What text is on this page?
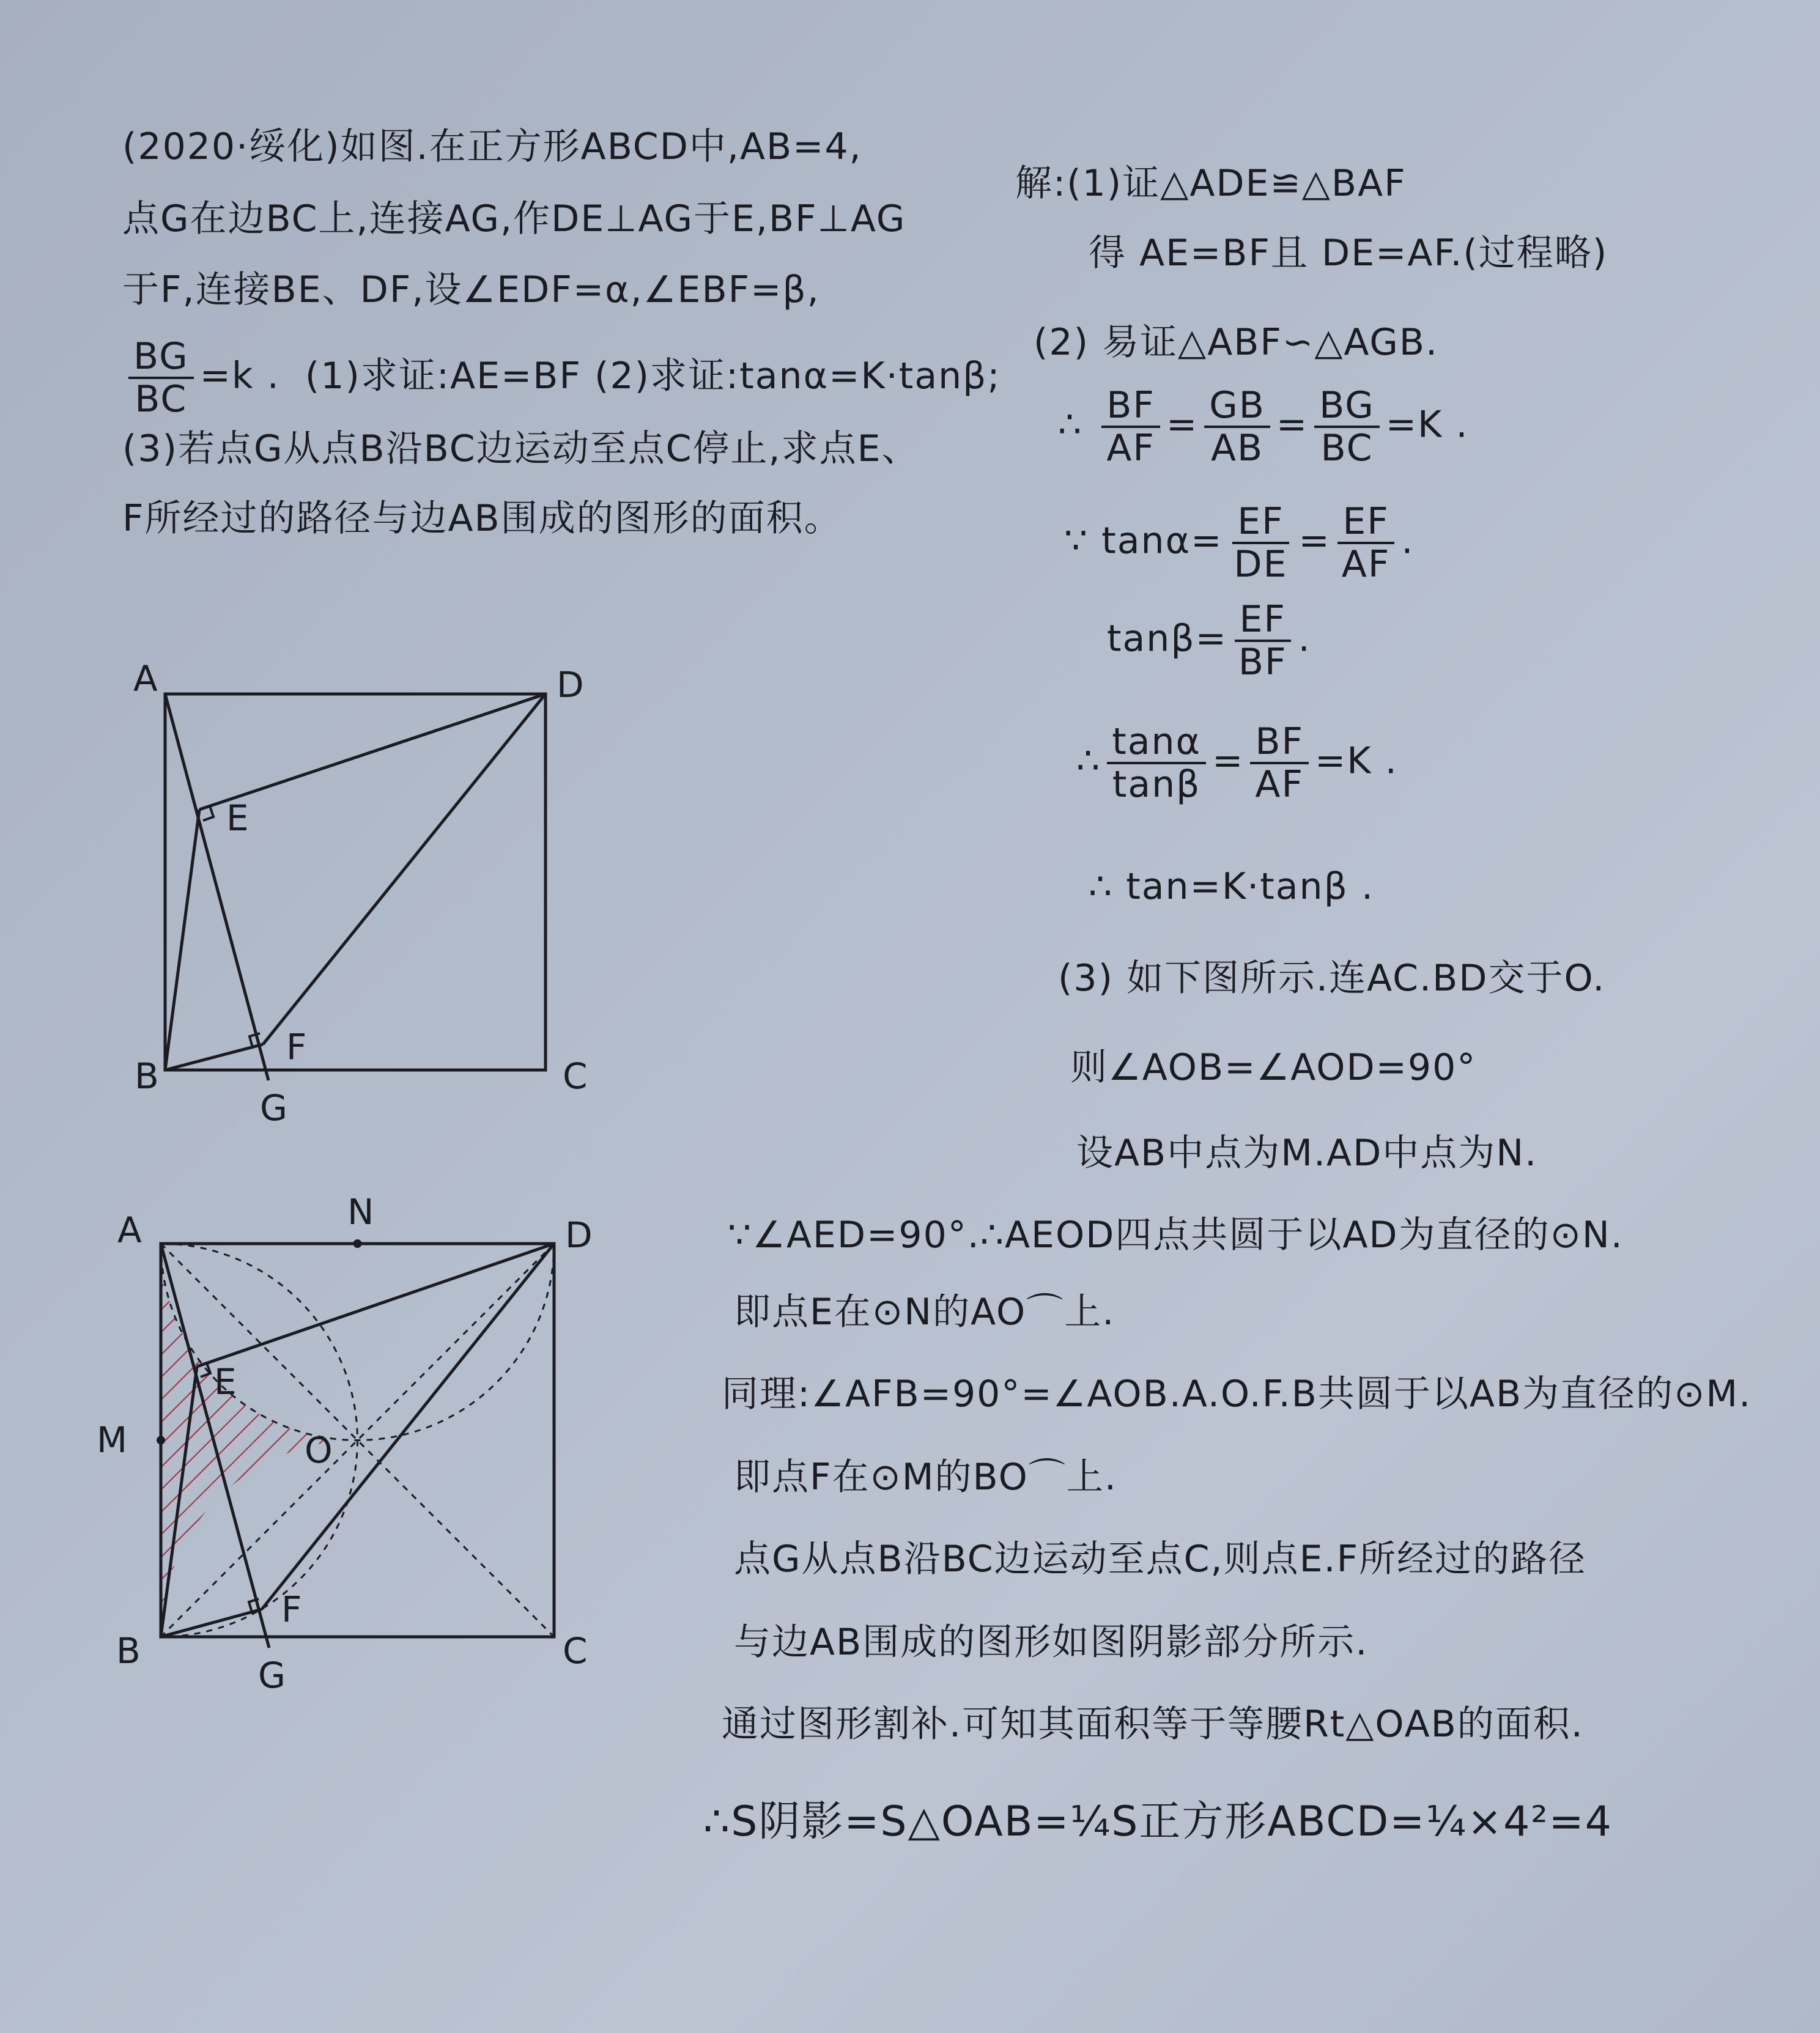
(2020·绥化)如图.在正方形ABCD中,AB=4,
点G在边BC上,连接AG,作DE⊥AG于E,BF⊥AG
于F,连接BE、DF,设∠EDF=α,∠EBF=β,
$\frac{BG}{BC} =k$ . (1)求证:AE=BF (2)求证:tanα=K·tanβ;
(3)若点G从点B沿BC边运动至点C停止,求点E、
F所经过的路径与边AB围成的图形的面积。
解:(1)证△ADE≌△BAF
得 AE=BF且 DE=AF.(过程略)
(2) 易证△ABF∽△AGB.
∴ $\frac{BF}{AF} = \frac{GB}{AB} = \frac{BG}{BC} =K$ .
∵ $\tan\alpha= \frac{EF}{DE} = \frac{EF}{AF}$ .
$\tan\beta= \frac{EF}{BF}$ .
∴ $\frac{\tan\alpha}{\tan\beta} = \frac{BF}{AF} =K$ .
∴ tan=K·tanβ .
(3) 如下图所示.连AC.BD交于O.
则∠AOB=∠AOD=90°
设AB中点为M.AD中点为N.
∵∠AED=90°.∴AEOD四点共圆于以AD为直径的⊙N.
即点E在⊙N的AO⌒上.
同理:∠AFB=90°=∠AOB.A.O.F.B共圆于以AB为直径的⊙M.
即点F在⊙M的BO⌒上.
点G从点B沿BC边运动至点C,则点E.F所经过的路径
与边AB围成的图形如图阴影部分所示.
通过图形割补.可知其面积等于等腰Rt△OAB的面积.
∴S阴影=S△OAB=¼S正方形ABCD=¼×4²=4
A	D
B	C
E
F
G
A	D
B	C
N
M	O
E
F
G
